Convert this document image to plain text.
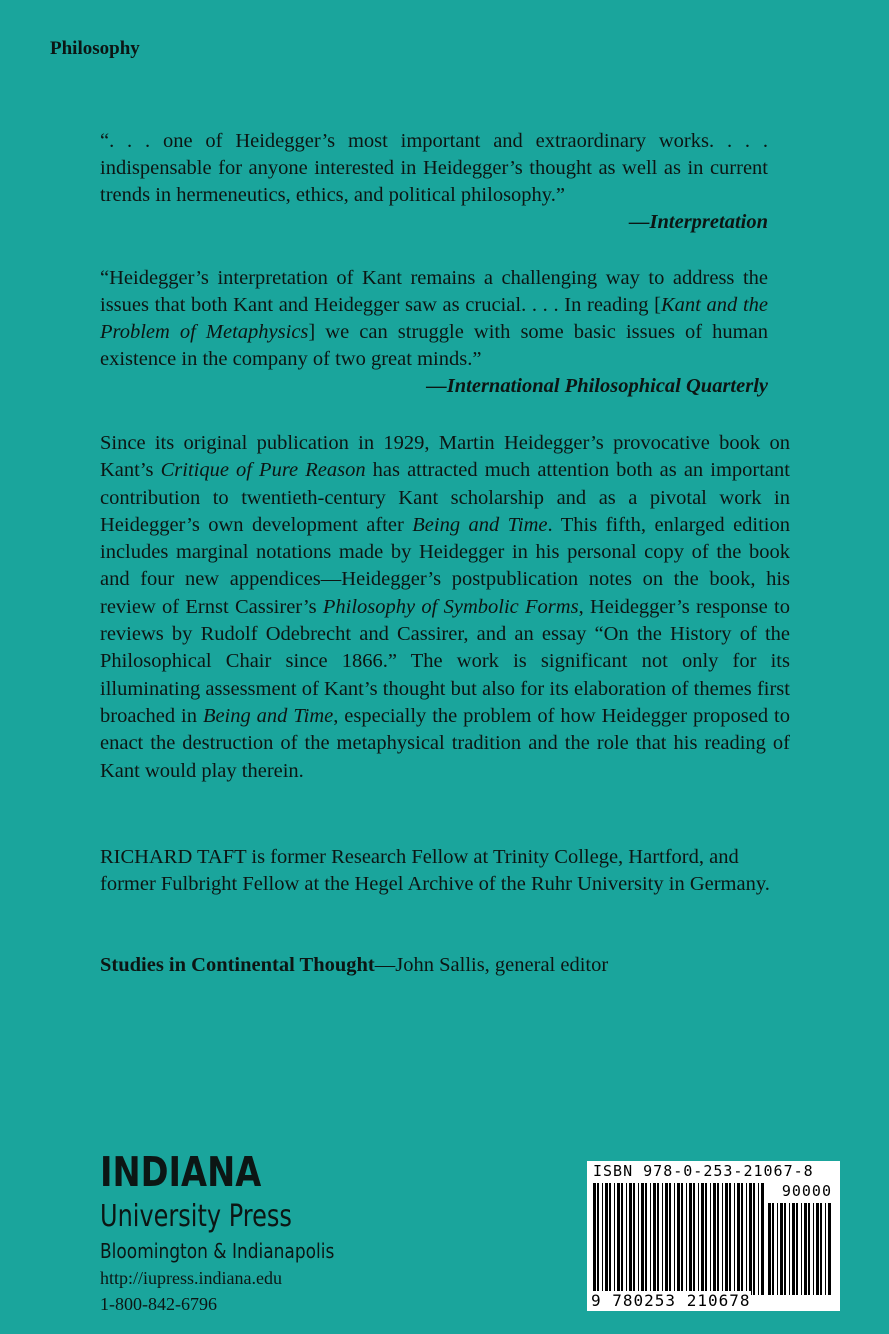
Philosophy

“. . . one of Heidegger’s most important and extraordinary works. . . . indispensable for anyone interested in Heidegger’s thought as well as in current trends in hermeneutics, ethics, and political philosophy.”

—Interpretation

“Heidegger’s interpretation of Kant remains a challenging way to address the issues that both Kant and Heidegger saw as crucial. . . . In reading [Kant and the Problem of Metaphysics] we can struggle with some basic issues of human existence in the company of two great minds.”

—International Philosophical Quarterly

Since its original publication in 1929, Martin Heidegger’s provocative book on Kant’s Critique of Pure Reason has attracted much attention both as an important contribution to twentieth-century Kant scholarship and as a pivotal work in Heidegger’s own development after Being and Time. This fifth, enlarged edition includes marginal notations made by Heidegger in his personal copy of the book and four new appendices—Heidegger’s postpublication notes on the book, his review of Ernst Cassirer’s Philosophy of Symbolic Forms, Heidegger’s response to reviews by Rudolf Odebrecht and Cassirer, and an essay “On the History of the Philosophical Chair since 1866.” The work is significant not only for its illuminating assessment of Kant’s thought but also for its elaboration of themes first broached in Being and Time, especially the problem of how Heidegger proposed to enact the destruction of the metaphysical tradition and the role that his reading of Kant would play therein.

RICHARD TAFT is former Research Fellow at Trinity College, Hartford, and former Fulbright Fellow at the Hegel Archive of the Ruhr University in Germany.
Studies in Continental Thought—John Sallis, general editor
INDIANA
University Press
Bloomington & Indianapolis
http://iupress.indiana.edu
1-800-842-6796
ISBN 978-0-253-21067-8
90000
9 780253 210678
